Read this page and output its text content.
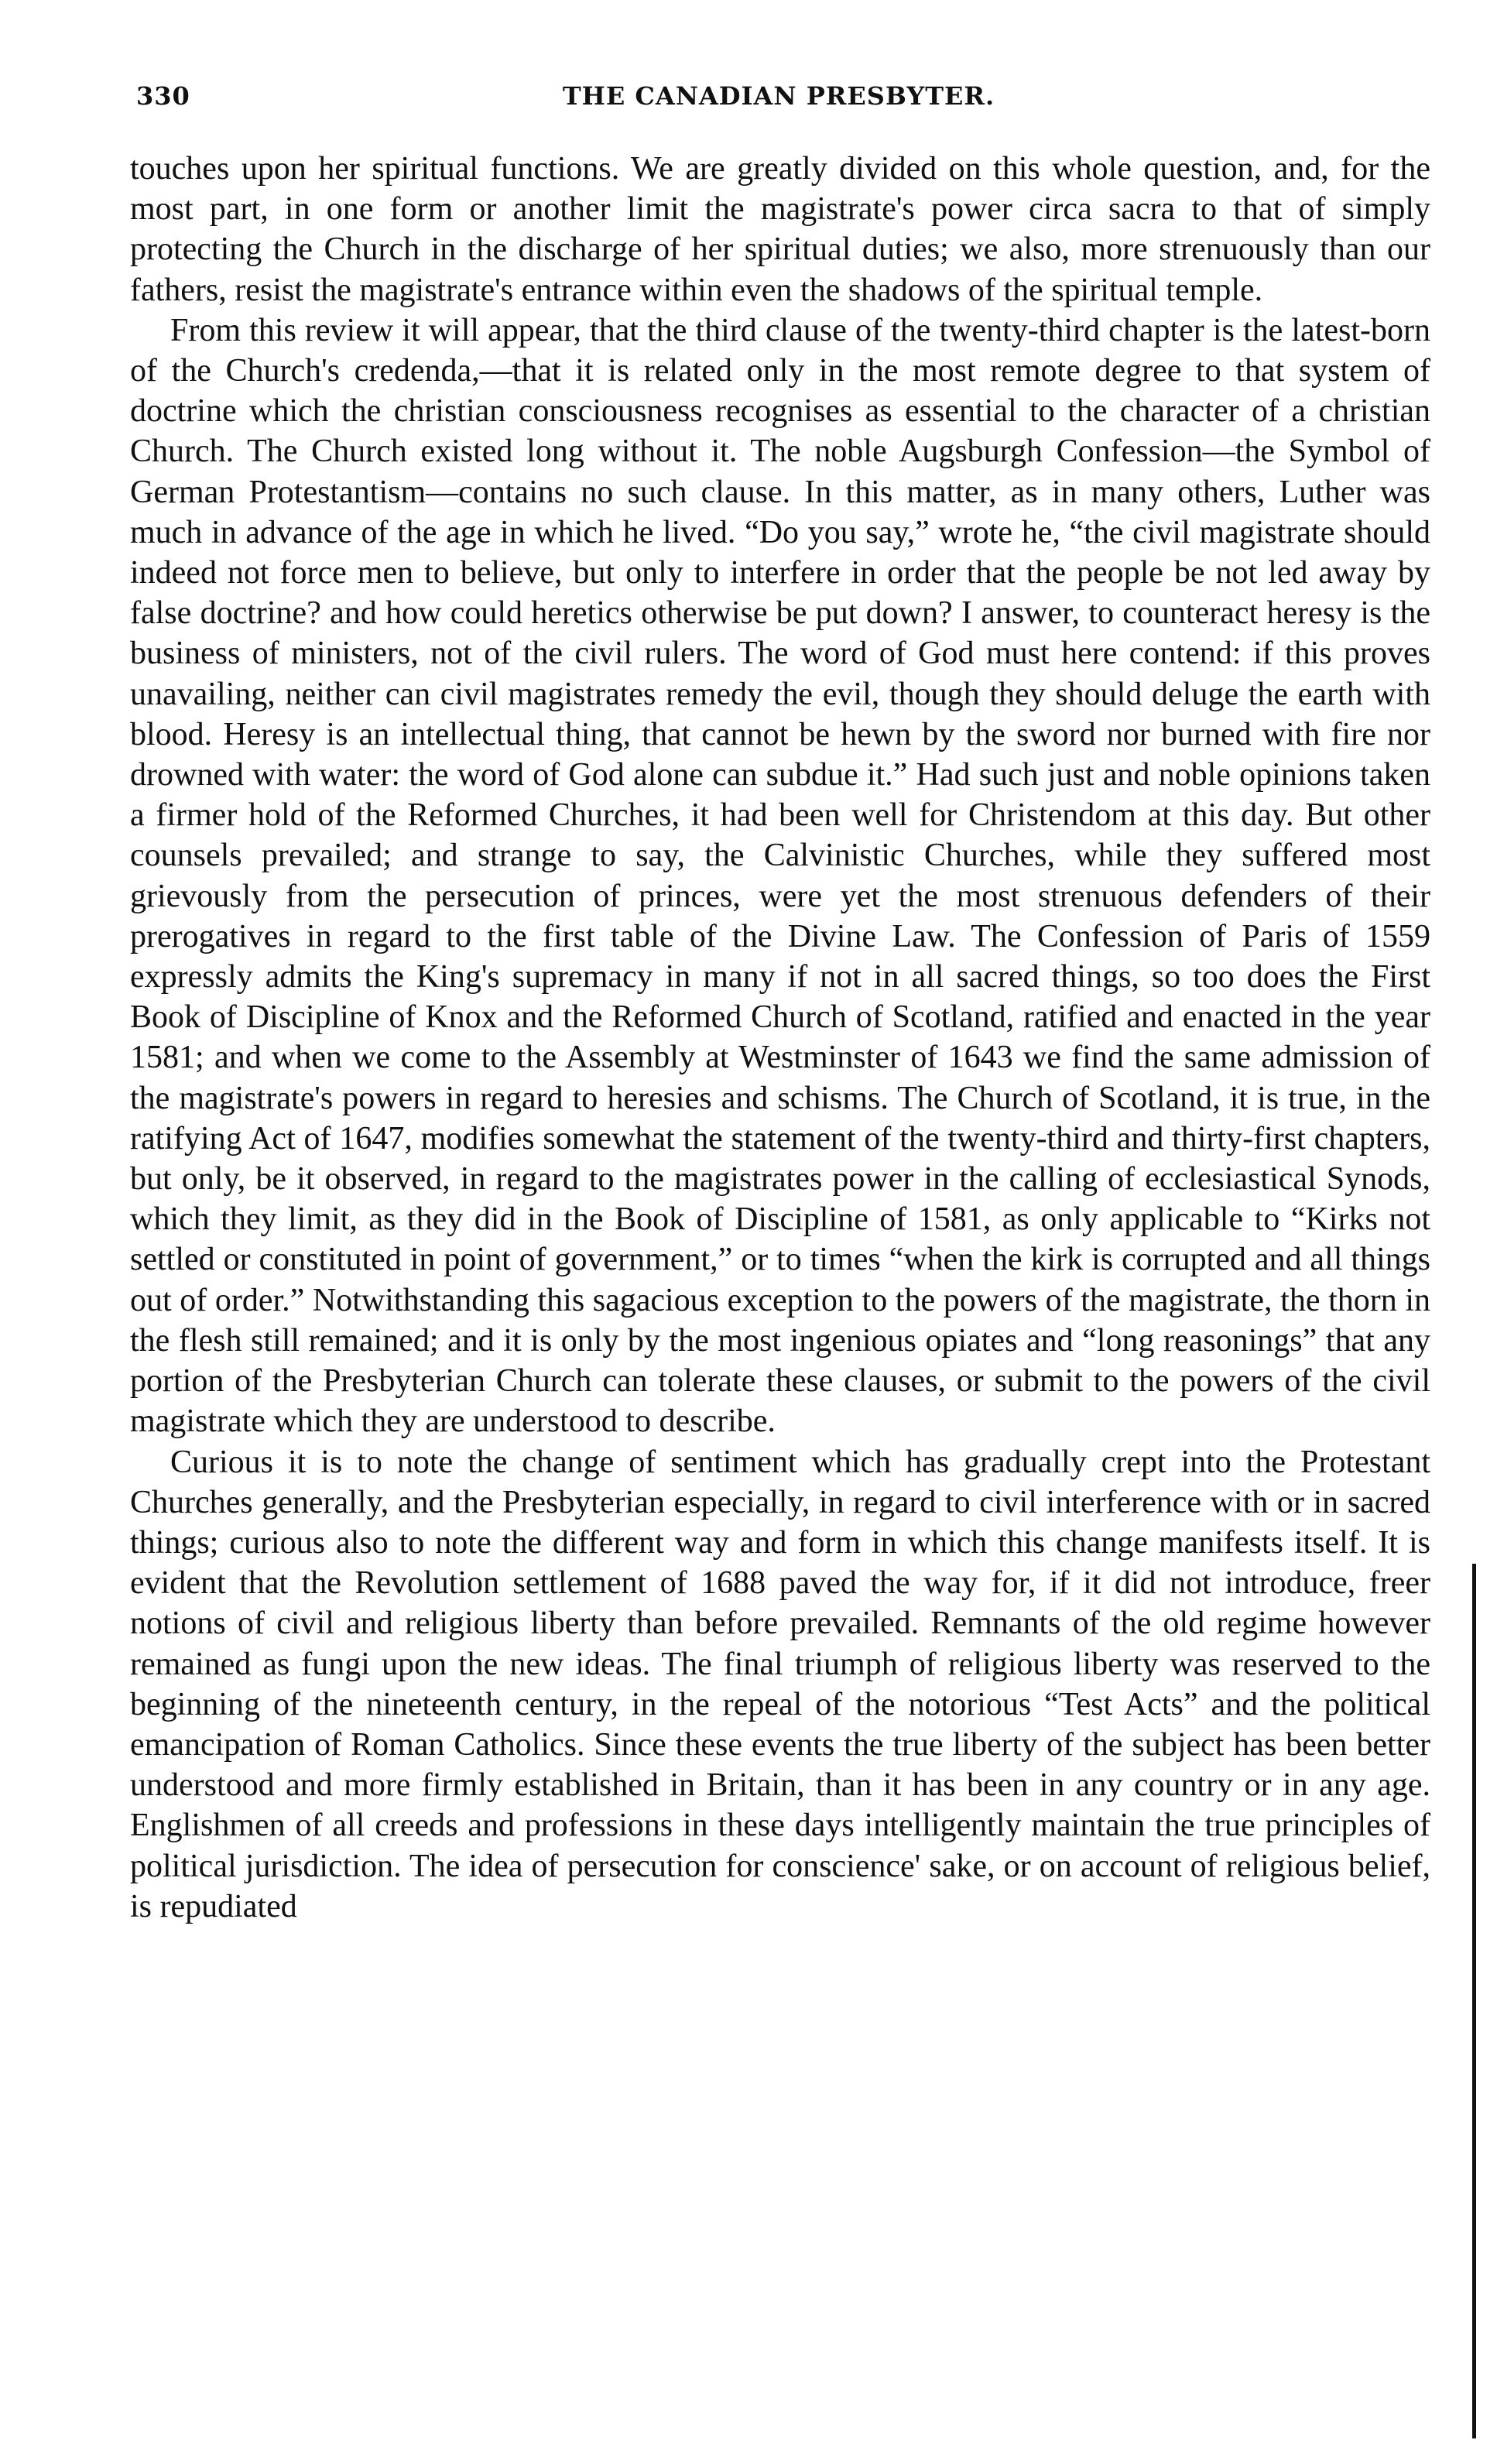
330	THE CANADIAN PRESBYTER.

touches upon her spiritual functions. We are greatly divided on this whole question, and, for the most part, in one form or another limit the magistrate's power circa sacra to that of simply protecting the Church in the discharge of her spiritual duties; we also, more strenuously than our fathers, resist the magistrate's entrance within even the shadows of the spiritual temple.

From this review it will appear, that the third clause of the twenty-third chapter is the latest-born of the Church's credenda,—that it is related only in the most remote degree to that system of doctrine which the christian consciousness recognises as essential to the character of a christian Church. The Church existed long without it. The noble Augsburgh Confession—the Symbol of German Protestantism—contains no such clause. In this matter, as in many others, Luther was much in advance of the age in which he lived. “Do you say,” wrote he, “the civil magistrate should indeed not force men to believe, but only to interfere in order that the people be not led away by false doctrine? and how could heretics otherwise be put down? I answer, to counteract heresy is the business of ministers, not of the civil rulers. The word of God must here contend: if this proves unavailing, neither can civil magistrates remedy the evil, though they should deluge the earth with blood. Heresy is an intellectual thing, that cannot be hewn by the sword nor burned with fire nor drowned with water: the word of God alone can subdue it.” Had such just and noble opinions taken a firmer hold of the Reformed Churches, it had been well for Christendom at this day. But other counsels prevailed; and strange to say, the Calvinistic Churches, while they suffered most grievously from the persecution of princes, were yet the most strenuous defenders of their prerogatives in regard to the first table of the Divine Law. The Confession of Paris of 1559 expressly admits the King's supremacy in many if not in all sacred things, so too does the First Book of Discipline of Knox and the Reformed Church of Scotland, ratified and enacted in the year 1581; and when we come to the Assembly at Westminster of 1643 we find the same admission of the magistrate's powers in regard to heresies and schisms. The Church of Scotland, it is true, in the ratifying Act of 1647, modifies somewhat the statement of the twenty-third and thirty-first chapters, but only, be it observed, in regard to the magistrates power in the calling of ecclesiastical Synods, which they limit, as they did in the Book of Discipline of 1581, as only applicable to “Kirks not settled or constituted in point of government,” or to times “when the kirk is corrupted and all things out of order.” Notwithstanding this sagacious exception to the powers of the magistrate, the thorn in the flesh still remained; and it is only by the most ingenious opiates and “long reasonings” that any portion of the Presbyterian Church can tolerate these clauses, or submit to the powers of the civil magistrate which they are understood to describe.

Curious it is to note the change of sentiment which has gradually crept into the Protestant Churches generally, and the Presbyterian especially, in regard to civil interference with or in sacred things; curious also to note the different way and form in which this change manifests itself. It is evident that the Revolution settlement of 1688 paved the way for, if it did not introduce, freer notions of civil and religious liberty than before prevailed. Remnants of the old regime however remained as fungi upon the new ideas. The final triumph of religious liberty was reserved to the beginning of the nineteenth century, in the repeal of the notorious “Test Acts” and the political emancipation of Roman Catholics. Since these events the true liberty of the subject has been better understood and more firmly established in Britain, than it has been in any country or in any age. Englishmen of all creeds and professions in these days intelligently maintain the true principles of political jurisdiction. The idea of persecution for conscience' sake, or on account of religious belief, is repudiated
